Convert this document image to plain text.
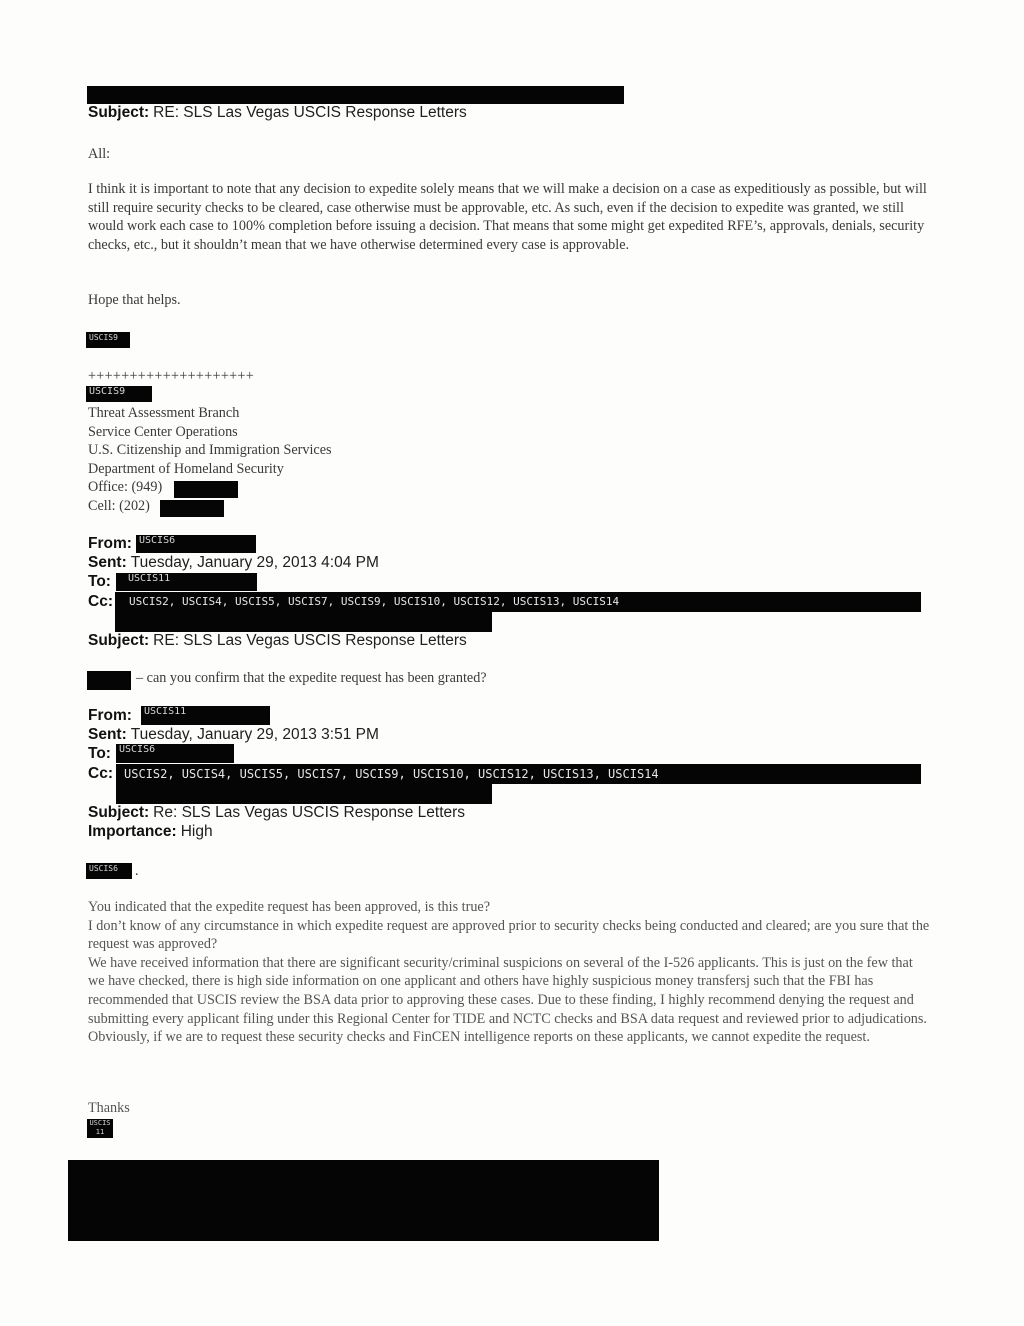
Subject: RE: SLS Las Vegas USCIS Response Letters
All:
I think it is important to note that any decision to expedite solely means that we will make a decision on a case as expeditiously as possible, but will still require security checks to be cleared, case otherwise must be approvable, etc. As such, even if the decision to expedite was granted, we still would work each case to 100% completion before issuing a decision. That means that some might get expedited RFE’s, approvals, denials, security checks, etc., but it shouldn’t mean that we have otherwise determined every case is approvable.
Hope that helps.
USCIS9
++++++++++++++++++++
USCIS9
Threat Assessment Branch
Service Center Operations
U.S. Citizenship and Immigration Services
Department of Homeland Security
Office: (949)
Cell: (202)
From: USCIS6
Sent: Tuesday, January 29, 2013 4:04 PM
To:	USCIS11
Cc:	USCIS2, USCIS4, USCIS5, USCIS7, USCIS9, USCIS10, USCIS12, USCIS13, USCIS14
Subject: RE: SLS Las Vegas USCIS Response Letters
– can you confirm that the expedite request has been granted?
From:	USCIS11
Sent: Tuesday, January 29, 2013 3:51 PM
To: USCIS6
Cc: USCIS2, USCIS4, USCIS5, USCIS7, USCIS9, USCIS10, USCIS12, USCIS13, USCIS14
Subject: Re: SLS Las Vegas USCIS Response Letters
Importance: High
USCIS6	.
You indicated that the expedite request has been approved, is this true?
I don’t know of any circumstance in which expedite request are approved prior to security checks being conducted and cleared; are you sure that the request was approved?
We have received information that there are significant security/criminal suspicions on several of the I-526 applicants. This is just on the few that we have checked, there is high side information on one applicant and others have highly suspicious money transfersj such that the FBI has recommended that USCIS review the BSA data prior to approving these cases. Due to these finding, I highly recommend denying the request and submitting every applicant filing under this Regional Center for TIDE and NCTC checks and BSA data request and reviewed prior to adjudications.
Obviously, if we are to request these security checks and FinCEN intelligence reports on these applicants, we cannot expedite the request.
Thanks
USCIS 11
